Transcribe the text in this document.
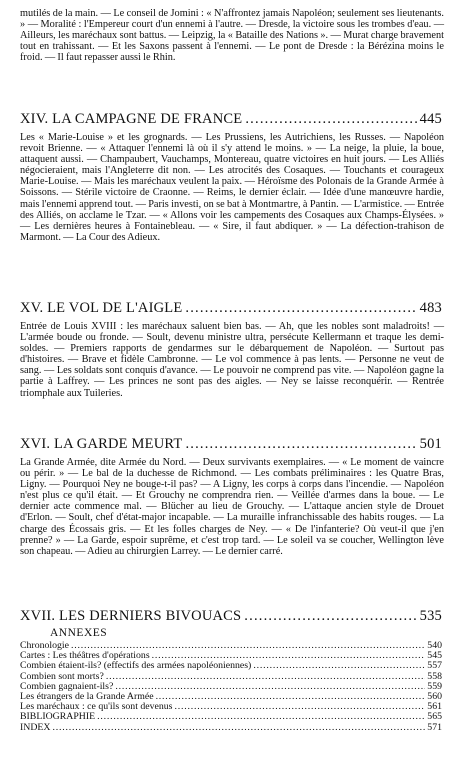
mutilés de la main. — Le conseil de Jomini : « N'affrontez jamais Napoléon; seulement ses lieutenants. » — Moralité : l'Empereur court d'un ennemi à l'autre. — Dresde, la victoire sous les trombes d'eau. — Ailleurs, les maréchaux sont battus. — Leipzig, la « Bataille des Nations ». — Murat charge bravement tout en trahissant. — Et les Saxons passent à l'ennemi. — Le pont de Dresde : la Bérézina moins le froid. — Il faut repasser aussi le Rhin.
XIV. LA CAMPAGNE DE FRANCE .....	445
Les « Marie-Louise » et les grognards. — Les Prussiens, les Autrichiens, les Russes. — Napoléon revoit Brienne. — « Attaquer l'ennemi là où il s'y attend le moins. » — La neige, la pluie, la boue, attaquent aussi. — Champaubert, Vauchamps, Montereau, quatre victoires en huit jours. — Les Alliés négocieraient, mais l'Angleterre dit non. — Les atrocités des Cosaques. — Touchants et courageux Marie-Louise. — Mais les maréchaux veulent la paix. — Héroïsme des Polonais de la Grande Armée à Soissons. — Stérile victoire de Craonne. — Reims, le dernier éclair. — Idée d'une manœuvre hardie, mais l'ennemi apprend tout. — Paris investi, on se bat à Montmartre, à Pantin. — L'armistice. — Entrée des Alliés, on acclame le Tzar. — « Allons voir les campements des Cosaques aux Champs-Élysées. » — Les dernières heures à Fontainebleau. — « Sire, il faut abdiquer. » — La défection-trahison de Marmont. — La Cour des Adieux.
XV. LE VOL DE L'AIGLE .....	483
Entrée de Louis XVIII : les maréchaux saluent bien bas. — Ah, que les nobles sont maladroits! — L'armée boude ou fronde. — Soult, devenu ministre ultra, persécute Kellermann et traque les demi-soldes. — Premiers rapports de gendarmes sur le débarquement de Napoléon. — Surtout pas d'histoires. — Brave et fidèle Cambronne. — Le vol commence à pas lents. — Personne ne veut de sang. — Les soldats sont conquis d'avance. — Le pouvoir ne comprend pas vite. — Napoléon gagne la partie à Laffrey. — Les princes ne sont pas des aigles. — Ney se laisse reconquérir. — Rentrée triomphale aux Tuileries.
XVI. LA GARDE MEURT .....	501
La Grande Armée, dite Armée du Nord. — Deux survivants exemplaires. — « Le moment de vaincre ou périr. » — Le bal de la duchesse de Richmond. — Les combats préliminaires : les Quatre Bras, Ligny. — Pourquoi Ney ne bouge-t-il pas? — A Ligny, les corps à corps dans l'incendie. — Napoléon n'est plus ce qu'il était. — Et Grouchy ne comprendra rien. — Veillée d'armes dans la boue. — Le dernier acte commence mal. — Blücher au lieu de Grouchy. — L'attaque ancien style de Drouet d'Erlon. — Soult, chef d'état-major incapable. — La muraille infranchissable des habits rouges. — La charge des Écossais gris. — Et les folles charges de Ney. — « De l'infanterie? Où veut-il que j'en prenne? » — La Garde, espoir suprême, et c'est trop tard. — Le soleil va se coucher, Wellington lève son chapeau. — Adieu au chirurgien Larrey. — Le dernier carré.
XVII. LES DERNIERS BIVOUACS .....	535
ANNEXES
Chronologie .....	540
Cartes : Les théâtres d'opérations .....	545
Combien étaient-ils? (effectifs des armées napoléoniennes) .....	557
Combien sont morts? .....	558
Combien gagnaient-ils? .....	559
Les étrangers de la Grande Armée .....	560
Les maréchaux : ce qu'ils sont devenus .....	561
BIBLIOGRAPHIE .....	565
INDEX .....	571
